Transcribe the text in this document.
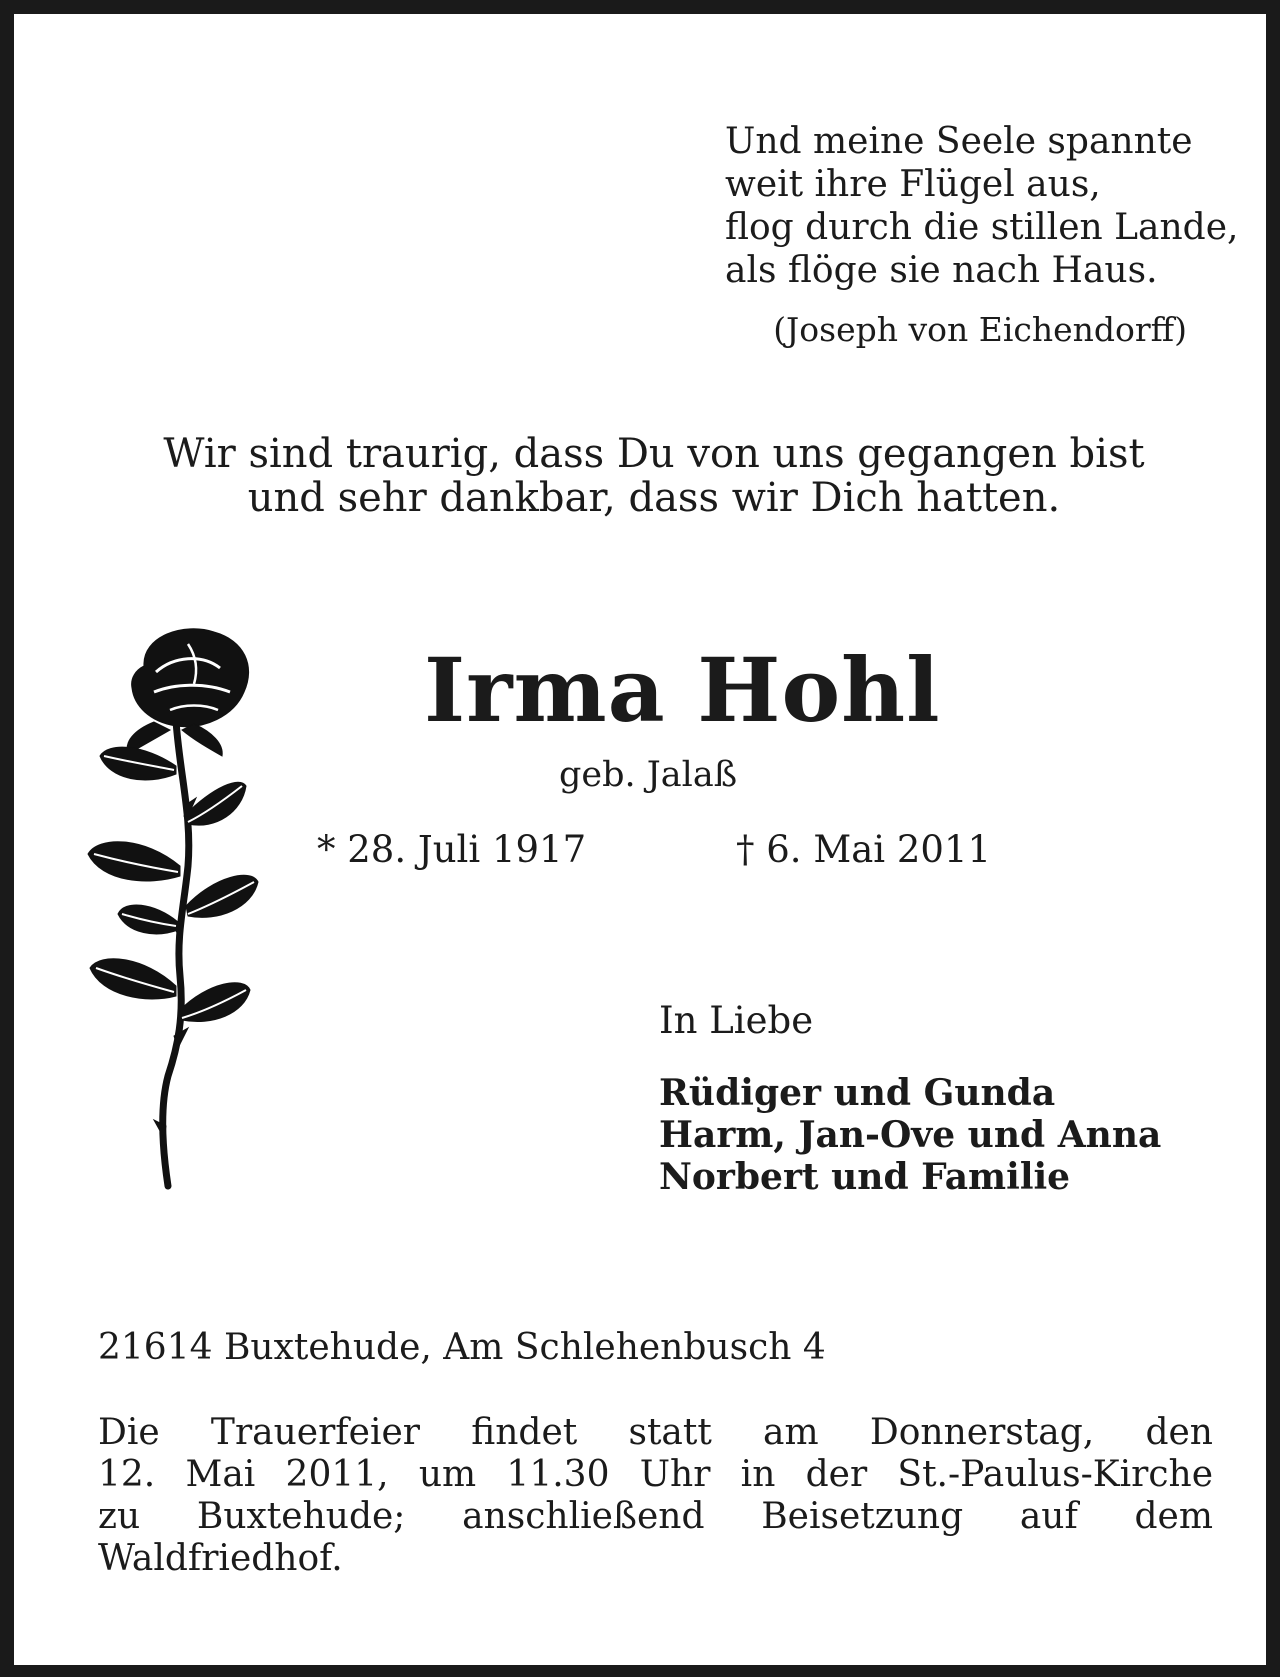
Und meine Seele spannte
weit ihre Flügel aus,
flog durch die stillen Lande,
als flöge sie nach Haus.
(Joseph von Eichendorff)
Wir sind traurig, dass Du von uns gegangen bist
und sehr dankbar, dass wir Dich hatten.
Irma Hohl
geb. Jalaß
* 28. Juli 1917	† 6. Mai 2011
In Liebe
Rüdiger und Gunda
Harm, Jan-Ove und Anna
Norbert und Familie
21614 Buxtehude, Am Schlehenbusch 4
Die Trauerfeier findet statt am Donnerstag, den
12. Mai 2011, um 11.30 Uhr in der St.-Paulus-Kirche
zu Buxtehude; anschließend Beisetzung auf dem
Waldfriedhof.
